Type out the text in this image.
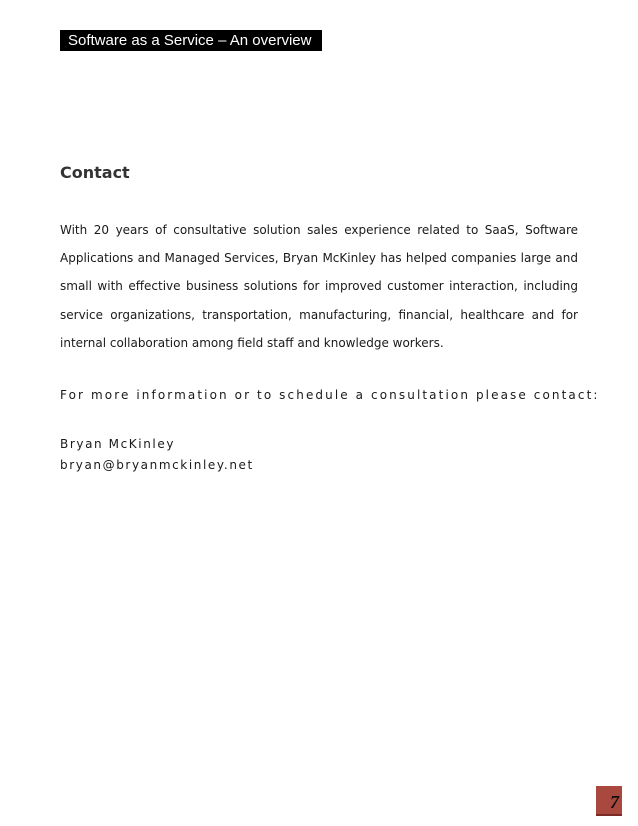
Software as a Service – An overview
Contact
With 20 years of consultative solution sales experience related to SaaS, Software Applications and Managed Services, Bryan McKinley has helped companies large and small with effective business solutions for improved customer interaction, including service organizations, transportation, manufacturing, financial, healthcare and for internal collaboration among field staff and knowledge workers.
For more information or to schedule a consultation please contact:
Bryan McKinley
bryan@bryanmckinley.net
7
